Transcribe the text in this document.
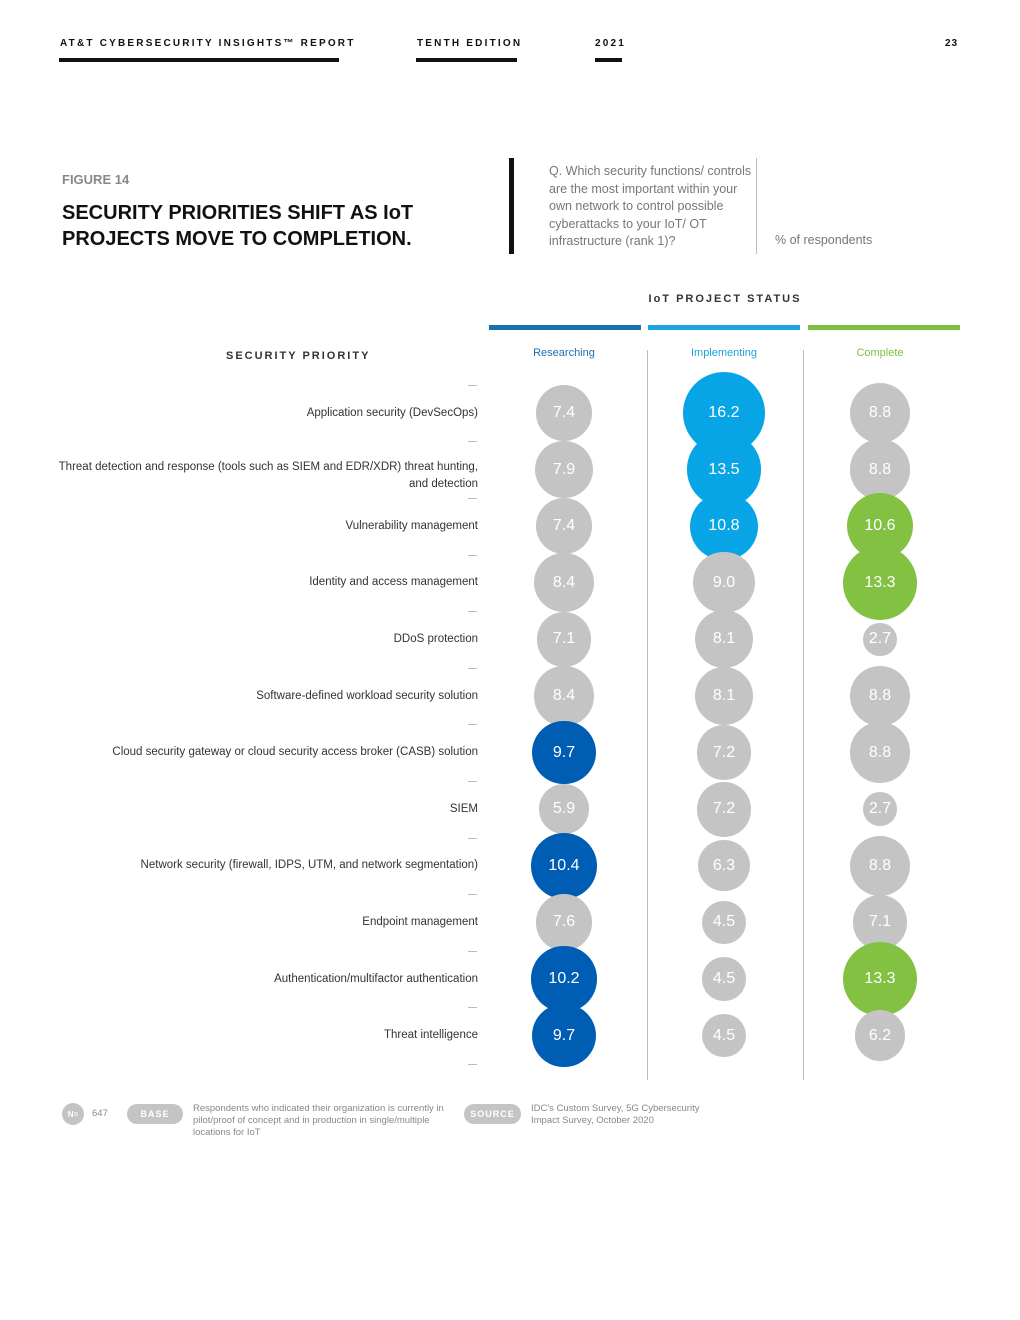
AT&T CYBERSECURITY INSIGHTS™ REPORT	TENTH EDITION	2021	23
FIGURE 14
SECURITY PRIORITIES SHIFT AS IoT PROJECTS MOVE TO COMPLETION.
Q. Which security functions/ controls are the most important within your own network to control possible cyberattacks to your IoT/ OT infrastructure (rank 1)?	% of respondents
IoT PROJECT STATUS
SECURITY PRIORITY	Researching	Implementing	Complete
Application security (DevSecOps)	7.4	16.2	8.8
Threat detection and response (tools such as SIEM and EDR/XDR) threat hunting, and detection
7.9	13.5	8.8
Vulnerability management	7.4	10.8	10.6
Identity and access management	8.4	9.0	13.3
DDoS protection	7.1	8.1	2.7
Software-defined workload security solution	8.4	8.1	8.8
Cloud security gateway or cloud security access broker (CASB) solution	9.7	7.2	8.8
SIEM	5.9	7.2	2.7
Network security (firewall, IDPS, UTM, and network segmentation)	10.4	6.3	8.8
Endpoint management	7.6	4.5	7.1
Authentication/multifactor authentication	10.2	4.5	13.3
Threat intelligence	9.7	4.5	6.2
N=	647	BASE	Respondents who indicated their organization is currently in pilot/proof of concept and in production in single/multiple locations for IoT
SOURCE	IDC's Custom Survey, 5G Cybersecurity Impact Survey, October 2020
